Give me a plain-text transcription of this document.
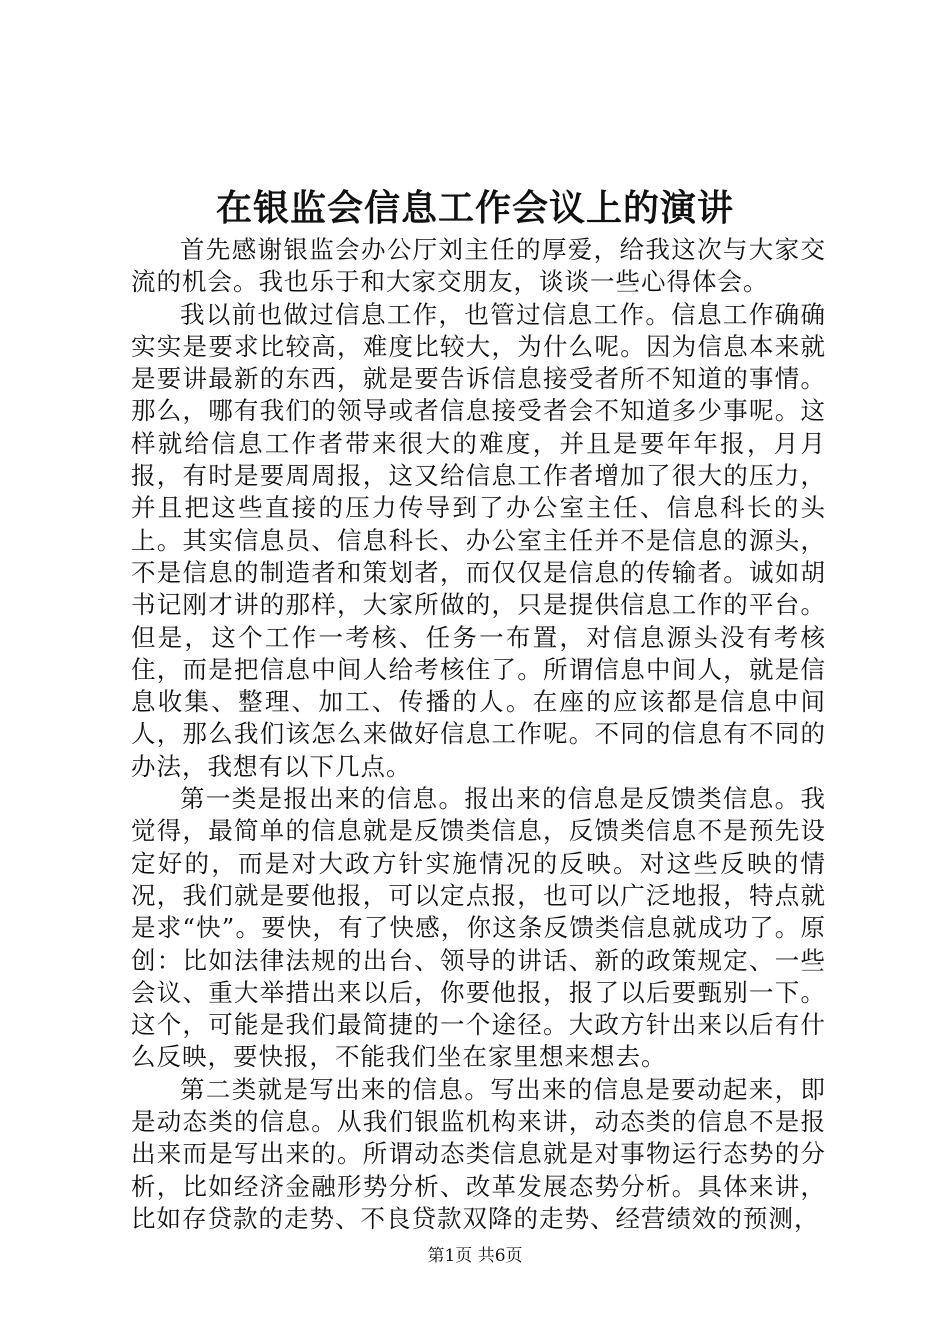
在银监会信息工作会议上的演讲

首先感谢银监会办公厅刘主任的厚爱，给我这次与大家交流的机会。我也乐于和大家交朋友，谈谈一些心得体会。

我以前也做过信息工作，也管过信息工作。信息工作确确实实是要求比较高，难度比较大，为什么呢。因为信息本来就是要讲最新的东西，就是要告诉信息接受者所不知道的事情。那么，哪有我们的领导或者信息接受者会不知道多少事呢。这样就给信息工作者带来很大的难度，并且是要年年报，月月报，有时是要周周报，这又给信息工作者增加了很大的压力，并且把这些直接的压力传导到了办公室主任、信息科长的头上。其实信息员、信息科长、办公室主任并不是信息的源头，不是信息的制造者和策划者，而仅仅是信息的传输者。诚如胡书记刚才讲的那样，大家所做的，只是提供信息工作的平台。但是，这个工作一考核、任务一布置，对信息源头没有考核住，而是把信息中间人给考核住了。所谓信息中间人，就是信息收集、整理、加工、传播的人。在座的应该都是信息中间人，那么我们该怎么来做好信息工作呢。不同的信息有不同的办法，我想有以下几点。

第一类是报出来的信息。报出来的信息是反馈类信息。我觉得，最简单的信息就是反馈类信息，反馈类信息不是预先设定好的，而是对大政方针实施情况的反映。对这些反映的情况，我们就是要他报，可以定点报，也可以广泛地报，特点就是求“快”。要快，有了快感，你这条反馈类信息就成功了。原创：比如法律法规的出台、领导的讲话、新的政策规定、一些会议、重大举措出来以后，你要他报，报了以后要甄别一下。这个，可能是我们最简捷的一个途径。大政方针出来以后有什么反映，要快报，不能我们坐在家里想来想去。

第二类就是写出来的信息。写出来的信息是要动起来，即是动态类的信息。从我们银监机构来讲，动态类的信息不是报出来而是写出来的。所谓动态类信息就是对事物运行态势的分析，比如经济金融形势分析、改革发展态势分析。具体来讲，比如存贷款的走势、不良贷款双降的走势、经营绩效的预测，

第1页 共6页
